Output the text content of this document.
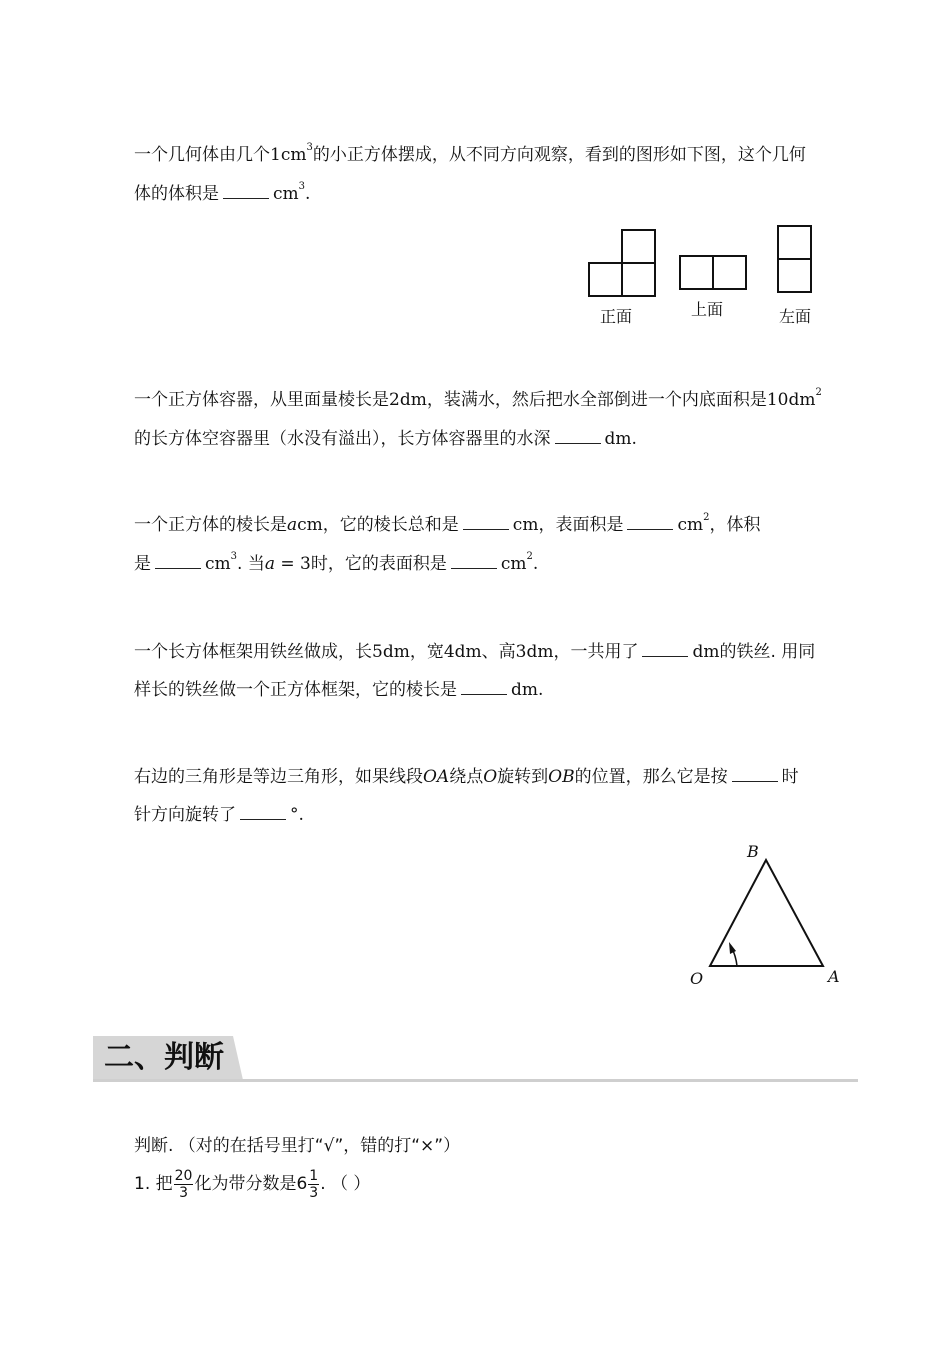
一个几何体由几个$1cm^3$的小正方体摆成，从不同方向观察，看到的图形如下图，这个几何
体的体积是	$cm^3$.
正面	上面	左面
一个正方体容器，从里面量棱长是2dm，装满水，然后把水全部倒进一个内底面积是$10dm^2$
的长方体空容器里（水没有溢出），长方体容器里的水深	dm.
一个正方体的棱长是acm，它的棱长总和是	cm，表面积是	$cm^2$，体积
是	$cm^3$. 当a = 3时，它的表面积是	$cm^2$.
一个长方体框架用铁丝做成，长5dm，宽4dm、高3dm，一共用了	dm的铁丝. 用同
样长的铁丝做一个正方体框架，它的棱长是	dm.
右边的三角形是等边三角形，如果线段OA绕点O旋转到OB的位置，那么它是按	时
针方向旋转了	°.
B
O	A
二、判断
判断. （对的在括号里打“√”，错的打“×”）
1. 把 $\frac{20}{3}$ 化为带分数是 $6 \frac{1}{3}$ . （ ）
